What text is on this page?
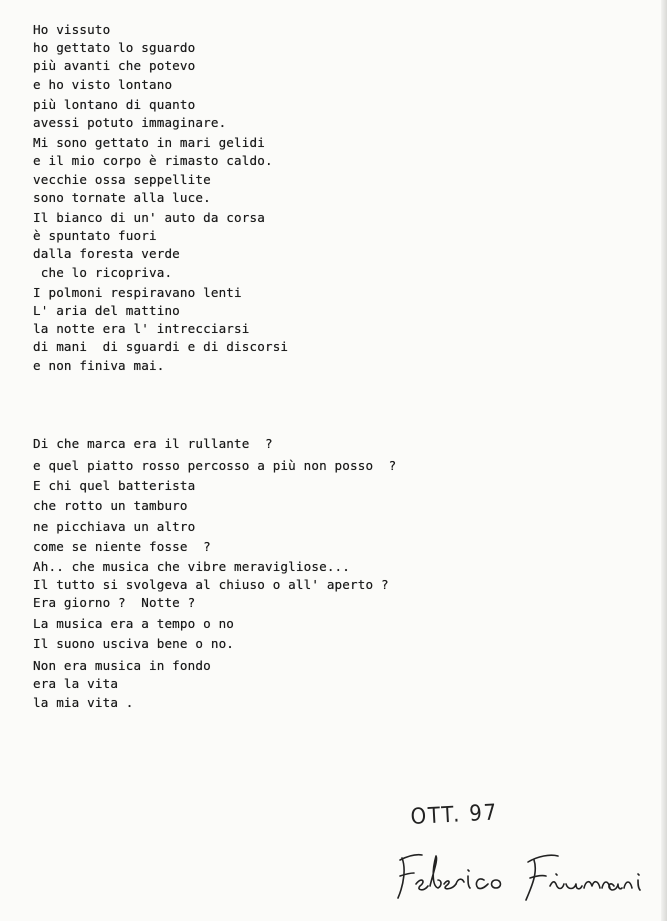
Ho vissuto
ho gettato lo sguardo
più avanti che potevo
e ho visto lontano
più lontano di quanto
avessi potuto immaginare.
Mi sono gettato in mari gelidi
e il mio corpo è rimasto caldo.
vecchie ossa seppellite
sono tornate alla luce.
Il bianco di un' auto da corsa
è spuntato fuori
dalla foresta verde
che lo ricopriva.
I polmoni respiravano lenti
L' aria del mattino
la notte era l' intrecciarsi
di mani  di sguardi e di discorsi
e non finiva mai.
Di che marca era il rullante  ?
e quel piatto rosso percosso a più non posso  ?
E chi quel batterista
che rotto un tamburo
ne picchiava un altro
come se niente fosse  ?
Ah.. che musica che vibre meravigliose...
Il tutto si svolgeva al chiuso o all' aperto ?
Era giorno ?  Notte ?
La musica era a tempo o no
Il suono usciva bene o no.
Non era musica in fondo
era la vita
la mia vita .
OTT. 97
